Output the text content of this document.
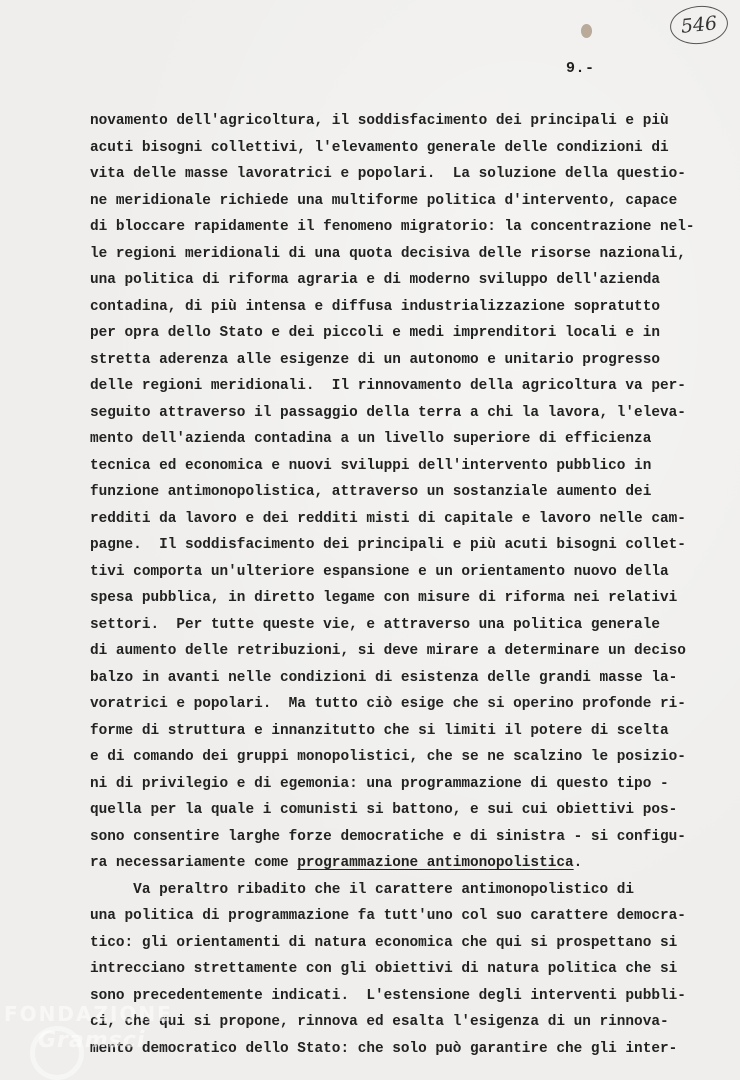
546
9.-
novamento dell'agricoltura, il soddisfacimento dei principali e più
acuti bisogni collettivi, l'elevamento generale delle condizioni di
vita delle masse lavoratrici e popolari.  La soluzione della questio-
ne meridionale richiede una multiforme politica d'intervento, capace
di bloccare rapidamente il fenomeno migratorio: la concentrazione nel-
le regioni meridionali di una quota decisiva delle risorse nazionali,
una politica di riforma agraria e di moderno sviluppo dell'azienda
contadina, di più intensa e diffusa industrializzazione sopratutto
per opra dello Stato e dei piccoli e medi imprenditori locali e in
stretta aderenza alle esigenze di un autonomo e unitario progresso
delle regioni meridionali.  Il rinnovamento della agricoltura va per-
seguito attraverso il passaggio della terra a chi la lavora, l'eleva-
mento dell'azienda contadina a un livello superiore di efficienza
tecnica ed economica e nuovi sviluppi dell'intervento pubblico in
funzione antimonopolistica, attraverso un sostanziale aumento dei
redditi da lavoro e dei redditi misti di capitale e lavoro nelle cam-
pagne.  Il soddisfacimento dei principali e più acuti bisogni collet-
tivi comporta un'ulteriore espansione e un orientamento nuovo della
spesa pubblica, in diretto legame con misure di riforma nei relativi
settori.  Per tutte queste vie, e attraverso una politica generale
di aumento delle retribuzioni, si deve mirare a determinare un deciso
balzo in avanti nelle condizioni di esistenza delle grandi masse la-
voratrici e popolari.  Ma tutto ciò esige che si operino profonde ri-
forme di struttura e innanzitutto che si limiti il potere di scelta
e di comando dei gruppi monopolistici, che se ne scalzino le posizio-
ni di privilegio e di egemonia: una programmazione di questo tipo -
quella per la quale i comunisti si battono, e sui cui obiettivi pos-
sono consentire larghe forze democratiche e di sinistra - si configu-
ra necessariamente come programmazione antimonopolistica.
Va peraltro ribadito che il carattere antimonopolistico di
una politica di programmazione fa tutt'uno col suo carattere democra-
tico: gli orientamenti di natura economica che qui si prospettano si
intrecciano strettamente con gli obiettivi di natura politica che si
sono precedentemente indicati.  L'estensione degli interventi pubbli-
ci, che qui si propone, rinnova ed esalta l'esigenza di un rinnova-
mento democratico dello Stato: che solo può garantire che gli inter-
FONDAZIONE
Gramsci
